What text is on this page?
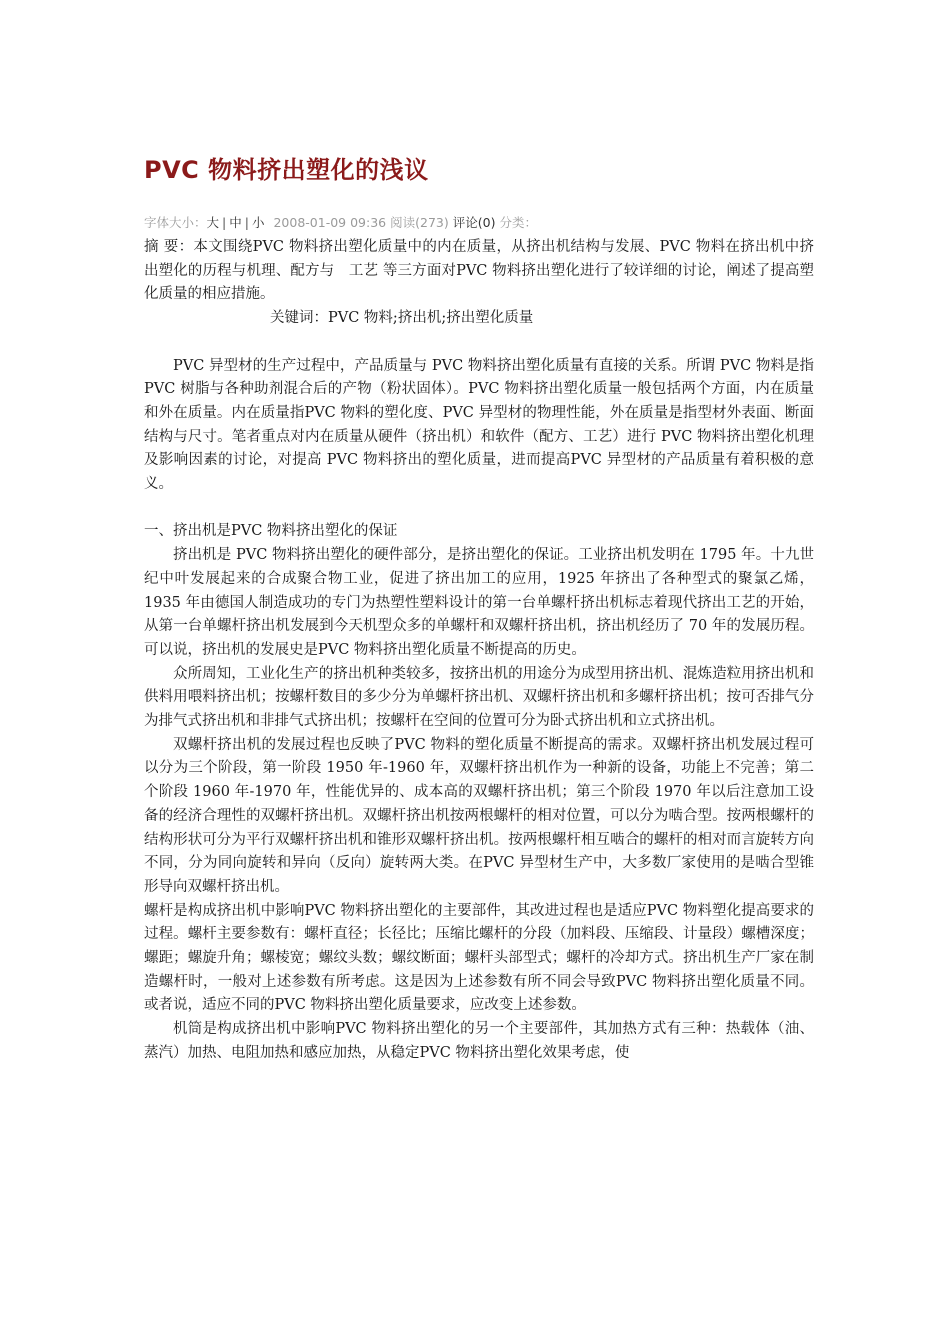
PVC 物料挤出塑化的浅议
字体大小：大 | 中 | 小 2008-01-09 09:36 阅读(273) 评论(0) 分类：

摘 要：本文围绕PVC 物料挤出塑化质量中的内在质量，从挤出机结构与发展、PVC 物料在挤出机中挤出塑化的历程与机理、配方与　工艺 等三方面对PVC 物料挤出塑化进行了较详细的讨论，阐述了提高塑化质量的相应措施。

关键词：PVC 物料;挤出机;挤出塑化质量

PVC 异型材的生产过程中，产品质量与 PVC 物料挤出塑化质量有直接的关系。所谓 PVC 物料是指 PVC 树脂与各种助剂混合后的产物（粉状固体）。PVC 物料挤出塑化质量一般包括两个方面，内在质量和外在质量。内在质量指PVC 物料的塑化度、PVC 异型材的物理性能，外在质量是指型材外表面、断面结构与尺寸。笔者重点对内在质量从硬件（挤出机）和软件（配方、工艺）进行 PVC 物料挤出塑化机理及影响因素的讨论，对提高 PVC 物料挤出的塑化质量，进而提高PVC 异型材的产品质量有着积极的意义。

一、挤出机是PVC 物料挤出塑化的保证

挤出机是 PVC 物料挤出塑化的硬件部分，是挤出塑化的保证。工业挤出机发明在 1795 年。十九世纪中叶发展起来的合成聚合物工业，促进了挤出加工的应用，1925 年挤出了各种型式的聚氯乙烯，1935 年由德国人制造成功的专门为热塑性塑料设计的第一台单螺杆挤出机标志着现代挤出工艺的开始，从第一台单螺杆挤出机发展到今天机型众多的单螺杆和双螺杆挤出机，挤出机经历了 70 年的发展历程。可以说，挤出机的发展史是PVC 物料挤出塑化质量不断提高的历史。

众所周知，工业化生产的挤出机种类较多，按挤出机的用途分为成型用挤出机、混炼造粒用挤出机和供料用喂料挤出机；按螺杆数目的多少分为单螺杆挤出机、双螺杆挤出机和多螺杆挤出机；按可否排气分为排气式挤出机和非排气式挤出机；按螺杆在空间的位置可分为卧式挤出机和立式挤出机。

双螺杆挤出机的发展过程也反映了PVC 物料的塑化质量不断提高的需求。双螺杆挤出机发展过程可以分为三个阶段，第一阶段 1950 年-1960 年，双螺杆挤出机作为一种新的设备，功能上不完善；第二个阶段 1960 年-1970 年，性能优异的、成本高的双螺杆挤出机；第三个阶段 1970 年以后注意加工设备的经济合理性的双螺杆挤出机。双螺杆挤出机按两根螺杆的相对位置，可以分为啮合型。按两根螺杆的结构形状可分为平行双螺杆挤出机和锥形双螺杆挤出机。按两根螺杆相互啮合的螺杆的相对而言旋转方向不同，分为同向旋转和异向（反向）旋转两大类。在PVC 异型材生产中，大多数厂家使用的是啮合型锥形导向双螺杆挤出机。

螺杆是构成挤出机中影响PVC 物料挤出塑化的主要部件，其改进过程也是适应PVC 物料塑化提高要求的过程。螺杆主要参数有：螺杆直径；长径比；压缩比螺杆的分段（加料段、压缩段、计量段）螺槽深度；螺距；螺旋升角；螺棱宽；螺纹头数；螺纹断面；螺杆头部型式；螺杆的冷却方式。挤出机生产厂家在制造螺杆时，一般对上述参数有所考虑。这是因为上述参数有所不同会导致PVC 物料挤出塑化质量不同。或者说，适应不同的PVC 物料挤出塑化质量要求，应改变上述参数。

机筒是构成挤出机中影响PVC 物料挤出塑化的另一个主要部件，其加热方式有三种：热载体（油、蒸汽）加热、电阻加热和感应加热，从稳定PVC 物料挤出塑化效果考虑，使
